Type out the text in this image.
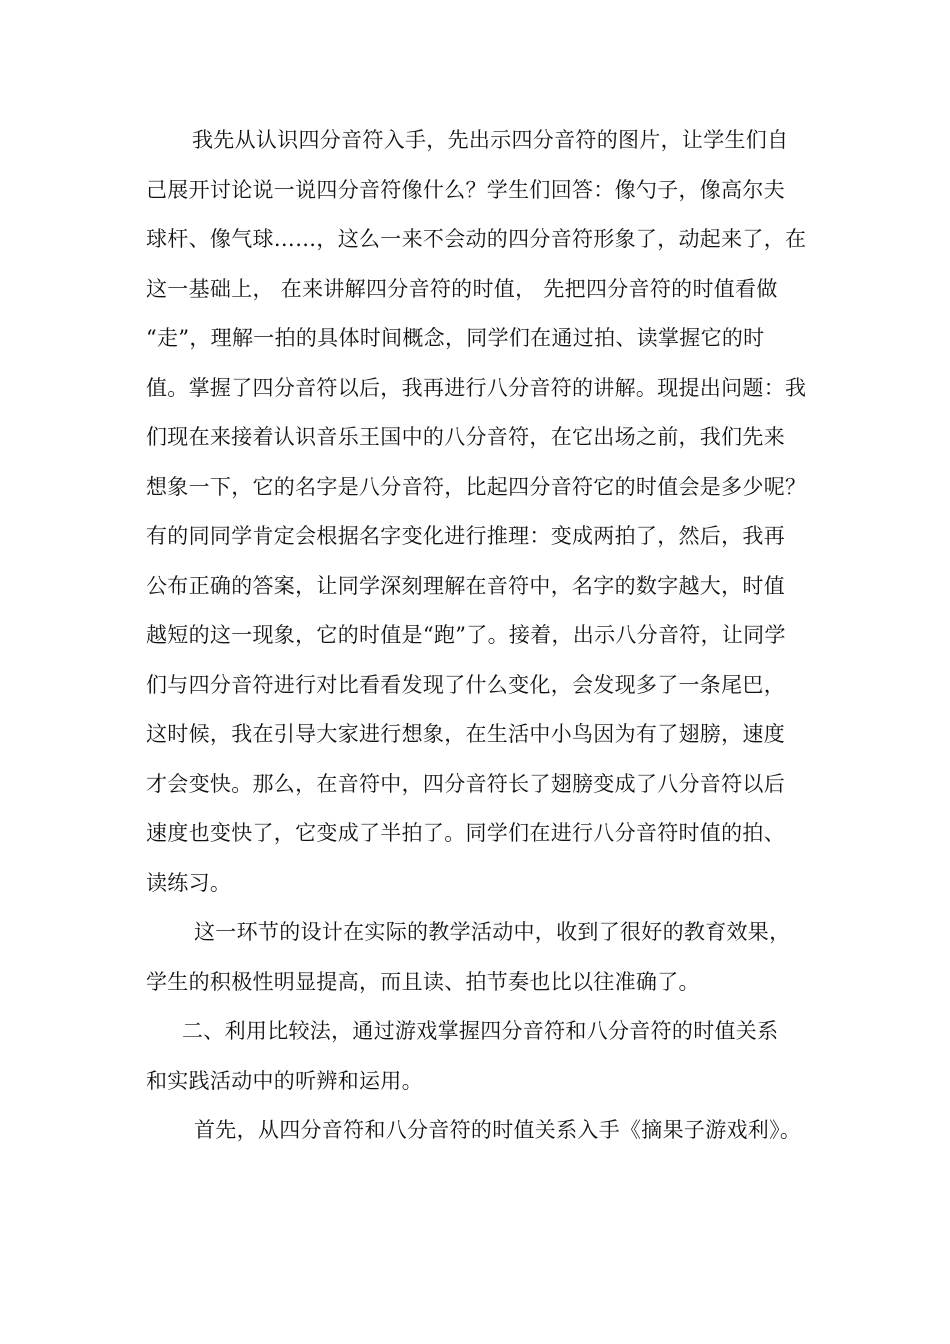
我先从认识四分音符入手，先出示四分音符的图片，让学生们自
己展开讨论说一说四分音符像什么？学生们回答：像勺子，像高尔夫
球杆、像气球……，这么一来不会动的四分音符形象了，动起来了，在
这一基础上， 在来讲解四分音符的时值， 先把四分音符的时值看做
“走”，理解一拍的具体时间概念，同学们在通过拍、读掌握它的时
值。掌握了四分音符以后，我再进行八分音符的讲解。现提出问题：我
们现在来接着认识音乐王国中的八分音符，在它出场之前，我们先来
想象一下，它的名字是八分音符，比起四分音符它的时值会是多少呢？
有的同同学肯定会根据名字变化进行推理：变成两拍了，然后，我再
公布正确的答案，让同学深刻理解在音符中，名字的数字越大，时值
越短的这一现象，它的时值是“跑”了。接着，出示八分音符，让同学
们与四分音符进行对比看看发现了什么变化，会发现多了一条尾巴，
这时候，我在引导大家进行想象，在生活中小鸟因为有了翅膀，速度
才会变快。那么，在音符中，四分音符长了翅膀变成了八分音符以后
速度也变快了，它变成了半拍了。同学们在进行八分音符时值的拍、
读练习。
这一环节的设计在实际的教学活动中，收到了很好的教育效果，
学生的积极性明显提高，而且读、拍节奏也比以往准确了。
二、利用比较法，通过游戏掌握四分音符和八分音符的时值关系
和实践活动中的听辨和运用。
首先，从四分音符和八分音符的时值关系入手《摘果子游戏利》。
